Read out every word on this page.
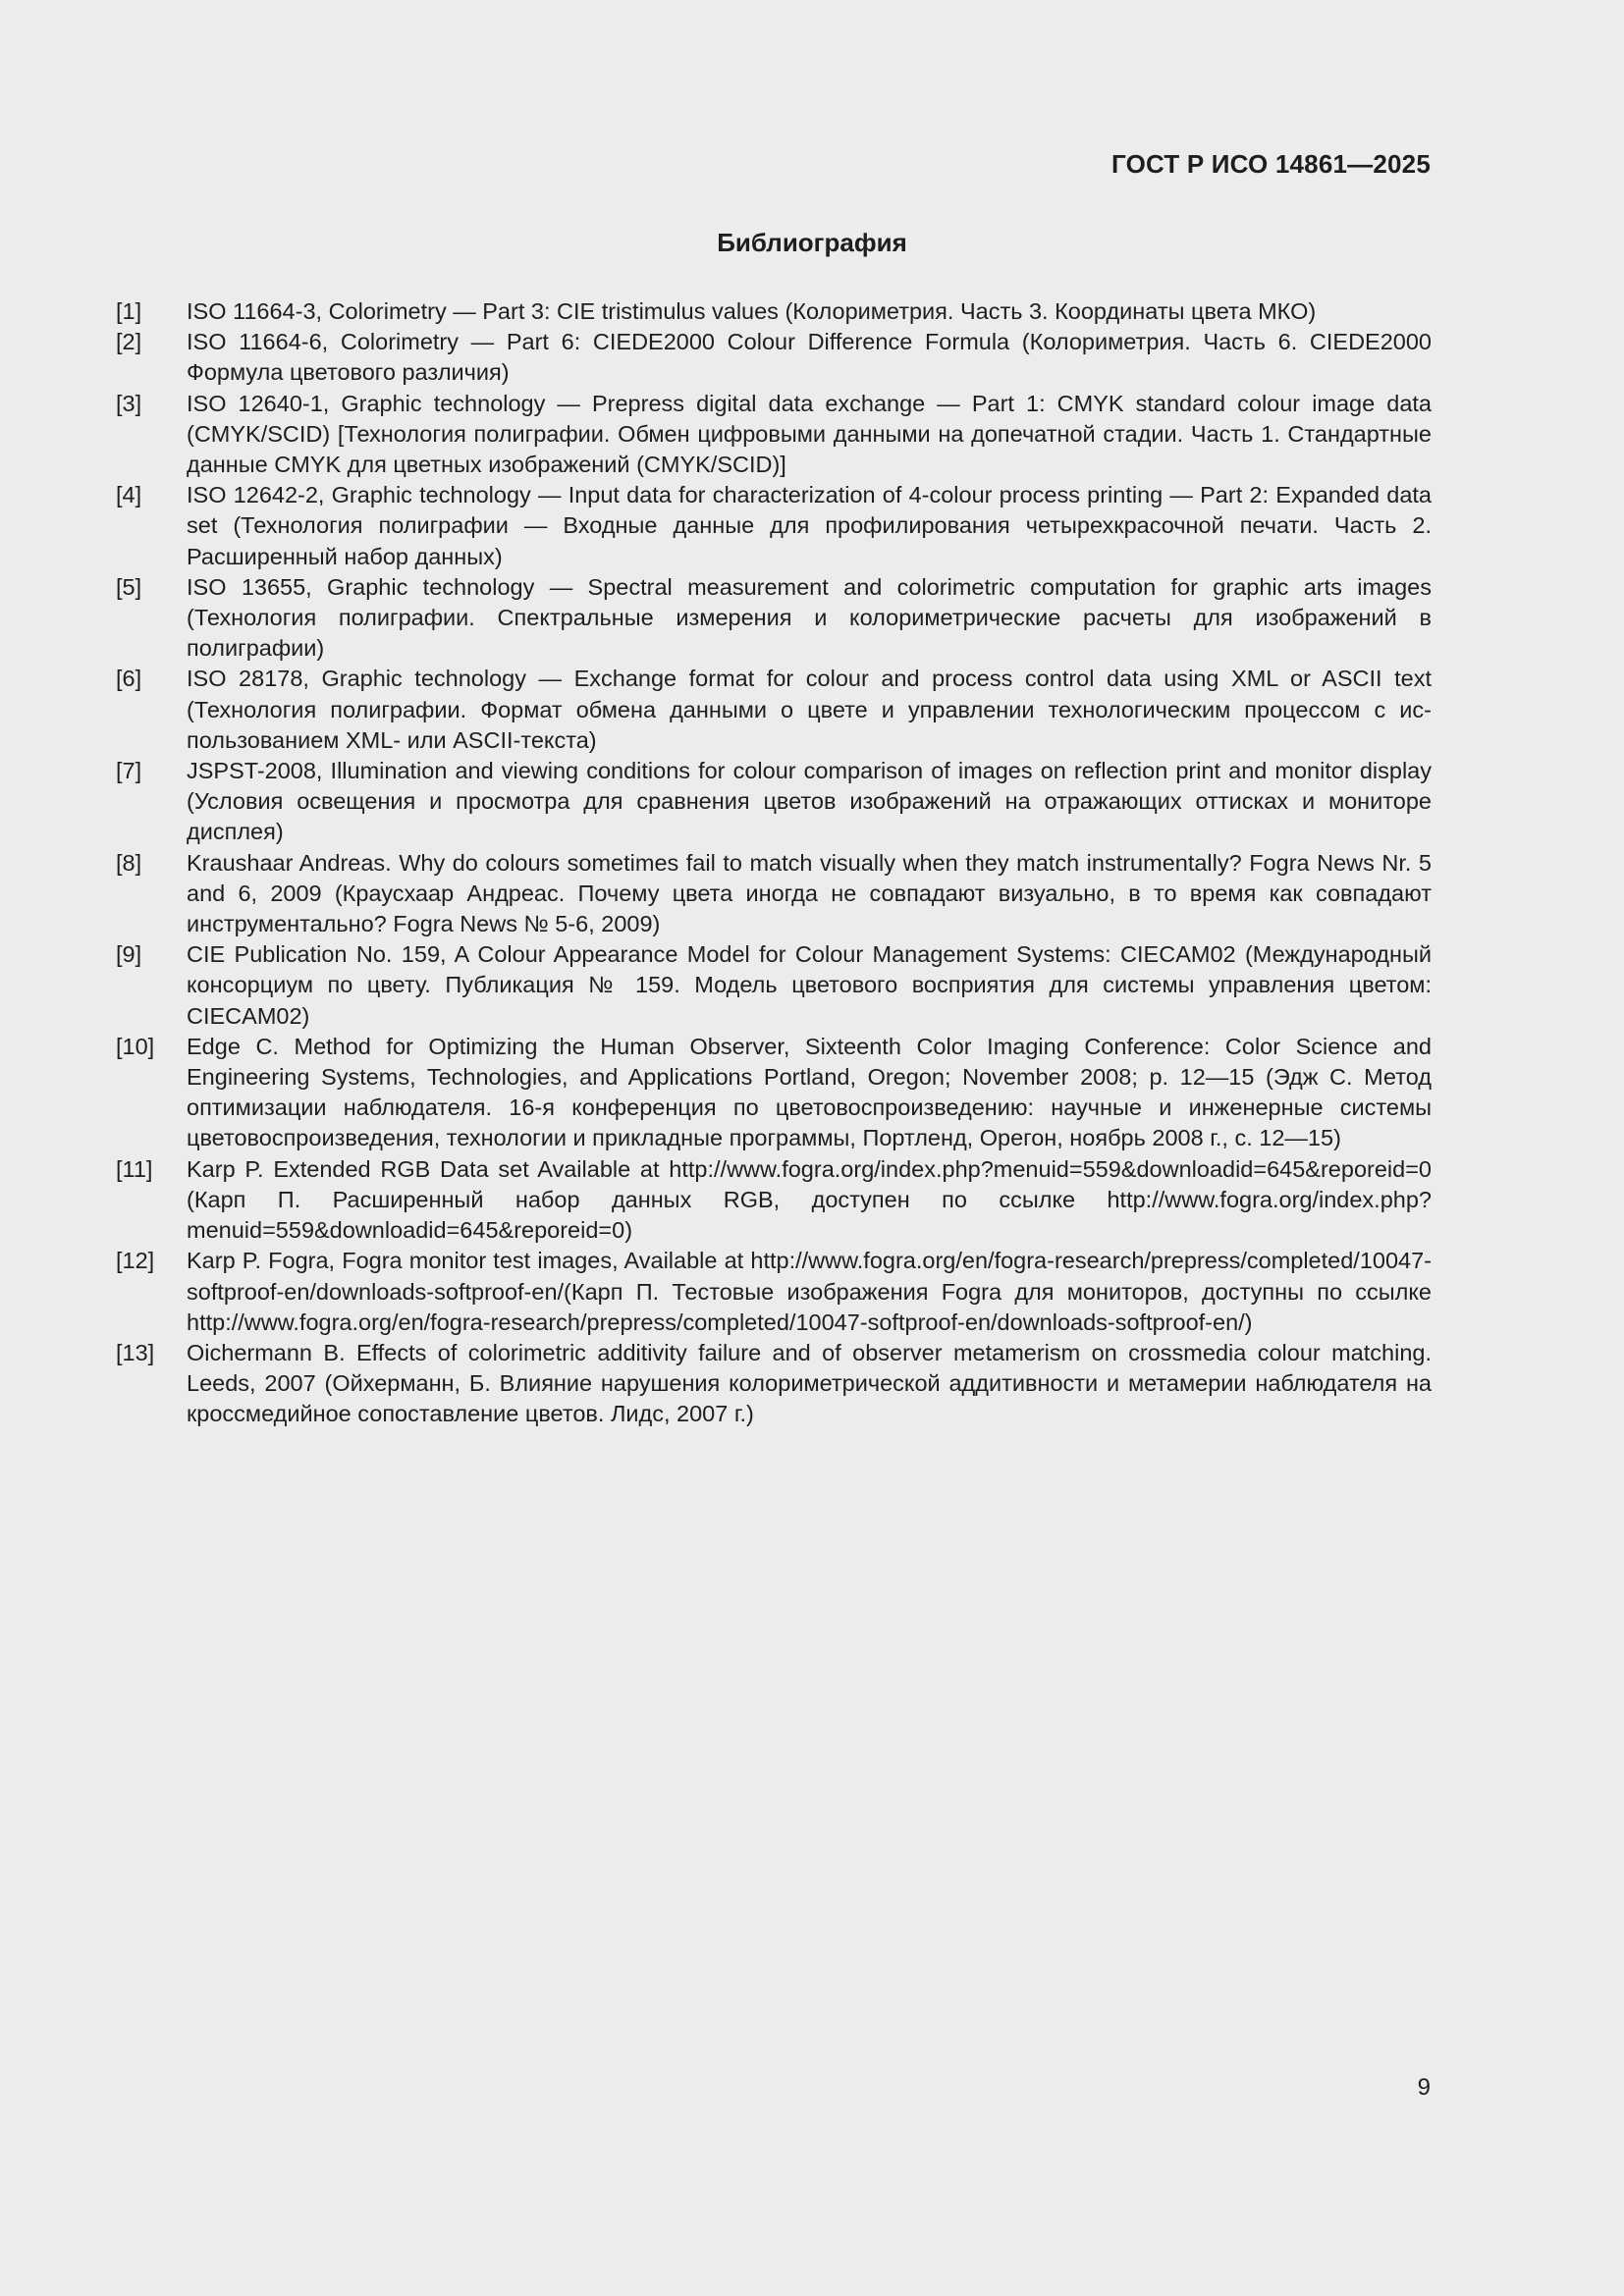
ГОСТ Р ИСО 14861—2025
Библиография
[1]	ISO 11664-3, Colorimetry — Part 3: CIE tristimulus values (Колориметрия. Часть 3. Координаты цвета МКО)
[2]	ISO 11664-6, Colorimetry — Part 6: CIEDE2000 Colour Difference Formula (Колориметрия. Часть 6. CIEDE2000 Формула цветового различия)
[3]	ISO 12640-1, Graphic technology — Prepress digital data exchange — Part 1: CMYK standard colour image data (CMYK/SCID) [Технология полиграфии. Обмен цифровыми данными на допечатной стадии. Часть 1. Стандартные данные CMYK для цветных изображений (CMYK/SCID)]
[4]	ISO 12642-2, Graphic technology — Input data for characterization of 4-colour process printing — Part 2: Expanded data set (Технология полиграфии — Входные данные для профилирования четырехкрасочной печати. Часть 2. Расширенный набор данных)
[5]	ISO 13655, Graphic technology — Spectral measurement and colorimetric computation for graphic arts images (Технология полиграфии. Спектральные измерения и колориметрические расчеты для изображений в полиграфии)
[6]	ISO 28178, Graphic technology — Exchange format for colour and process control data using XML or ASCII text (Технология полиграфии. Формат обмена данными о цвете и управлении технологическим процессом с использованием XML- или ASCII-текста)
[7]	JSPST-2008, Illumination and viewing conditions for colour comparison of images on reflection print and monitor display (Условия освещения и просмотра для сравнения цветов изображений на отражающих оттисках и мониторе дисплея)
[8]	Kraushaar Andreas. Why do colours sometimes fail to match visually when they match instrumentally? Fogra News Nr. 5 and 6, 2009 (Краусхаар Андреас. Почему цвета иногда не совпадают визуально, в то время как совпадают инструментально? Fogra News № 5-6, 2009)
[9]	CIE Publication No. 159, A Colour Appearance Model for Colour Management Systems: CIECAM02 (Международный консорциум по цвету. Публикация № 159. Модель цветового восприятия для системы управления цветом: CIECAM02)
[10]	Edge C. Method for Optimizing the Human Observer, Sixteenth Color Imaging Conference: Color Science and Engineering Systems, Technologies, and Applications Portland, Oregon; November 2008; p. 12—15 (Эдж С. Метод оптимизации наблюдателя. 16-я конференция по цветовоспроизведению: научные и инженерные системы цветовоспроизведения, технологии и прикладные программы, Портленд, Орегон, ноябрь 2008 г., с. 12—15)
[11]	Karp P. Extended RGB Data set Available at http://www.fogra.org/index.php?menuid=559&downloadid=645&reporeid=0 (Карп П. Расширенный набор данных RGB, доступен по ссылке http://www.fogra.org/index.​php?menuid=559&downloadid=645&reporeid=0)
[12]	Karp P. Fogra, Fogra monitor test images, Available at http://www.fogra.org/en/fogra-research/prepress/completed/10047-softproof-en/downloads-softproof-en/(Карп П. Тестовые изображения Fogra для мониторов, доступны по ссылке http://www.fogra.org/en/fogra-research/prepress/completed/10047-softproof-en/downloads-softproof-en/)
[13]	Oichermann B. Effects of colorimetric additivity failure and of observer metamerism on crossmedia colour matching. Leeds, 2007 (Ойхерманн, Б. Влияние нарушения колориметрической аддитивности и метамерии наблюдателя на кроссмедийное сопоставление цветов. Лидс, 2007 г.)
9
